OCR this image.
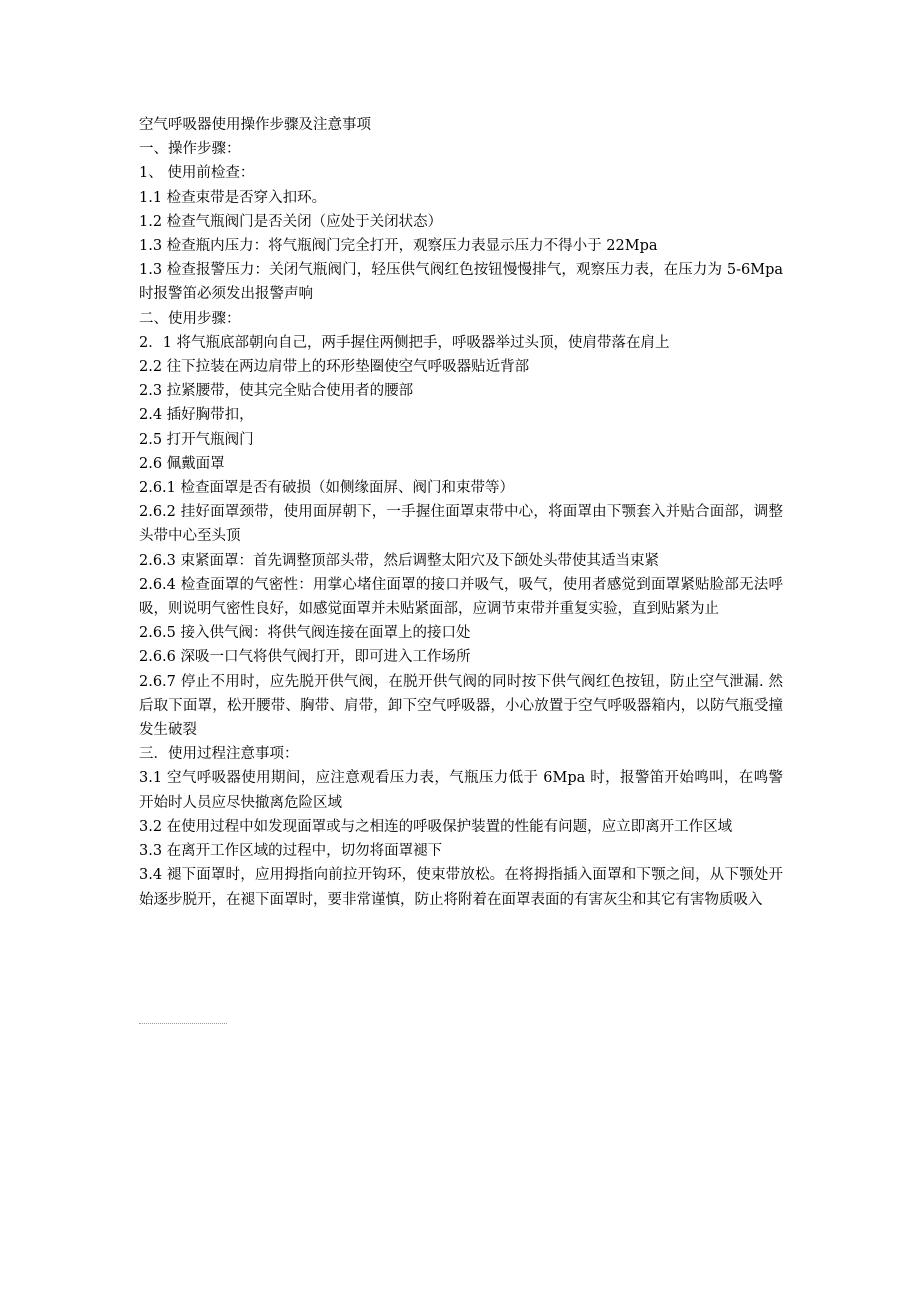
空气呼吸器使用操作步骤及注意事项

一、操作步骤：

1、 使用前检查：

1.1 检查束带是否穿入扣环。

1.2 检查气瓶阀门是否关闭（应处于关闭状态）

1.3 检查瓶内压力：将气瓶阀门完全打开，观察压力表显示压力不得小于 22Mpa

1.3 检查报警压力：关闭气瓶阀门，轻压供气阀红色按钮慢慢排气，观察压力表，在压力为 5-6Mpa 时报警笛必须发出报警声响

二、使用步骤：

2．1 将气瓶底部朝向自己，两手握住两侧把手，呼吸器举过头顶，使肩带落在肩上

2.2 往下拉装在两边肩带上的环形垫圈使空气呼吸器贴近背部

2.3 拉紧腰带，使其完全贴合使用者的腰部

2.4 插好胸带扣，

2.5 打开气瓶阀门

2.6 佩戴面罩

2.6.1 检查面罩是否有破损（如侧缘面屏、阀门和束带等）

2.6.2 挂好面罩颈带，使用面屏朝下，一手握住面罩束带中心，将面罩由下颚套入并贴合面部，调整头带中心至头顶

2.6.3 束紧面罩：首先调整顶部头带，然后调整太阳穴及下颌处头带使其适当束紧

2.6.4 检查面罩的气密性：用掌心堵住面罩的接口并吸气，吸气，使用者感觉到面罩紧贴脸部无法呼吸，则说明气密性良好，如感觉面罩并未贴紧面部，应调节束带并重复实验，直到贴紧为止

2.6.5 接入供气阀：将供气阀连接在面罩上的接口处

2.6.6 深吸一口气将供气阀打开，即可进入工作场所

2.6.7 停止不用时，应先脱开供气阀，在脱开供气阀的同时按下供气阀红色按钮，防止空气泄漏. 然后取下面罩，松开腰带、胸带、肩带，卸下空气呼吸器，小心放置于空气呼吸器箱内，以防气瓶受撞发生破裂

三．使用过程注意事项：

3.1 空气呼吸器使用期间，应注意观看压力表，气瓶压力低于 6Mpa 时，报警笛开始鸣叫，在鸣警开始时人员应尽快撤离危险区域

3.2 在使用过程中如发现面罩或与之相连的呼吸保护装置的性能有问题，应立即离开工作区域

3.3 在离开工作区域的过程中，切勿将面罩褪下

3.4 褪下面罩时，应用拇指向前拉开钩环，使束带放松。在将拇指插入面罩和下颚之间，从下颚处开始逐步脱开，在褪下面罩时，要非常谨慎，防止将附着在面罩表面的有害灰尘和其它有害物质吸入
